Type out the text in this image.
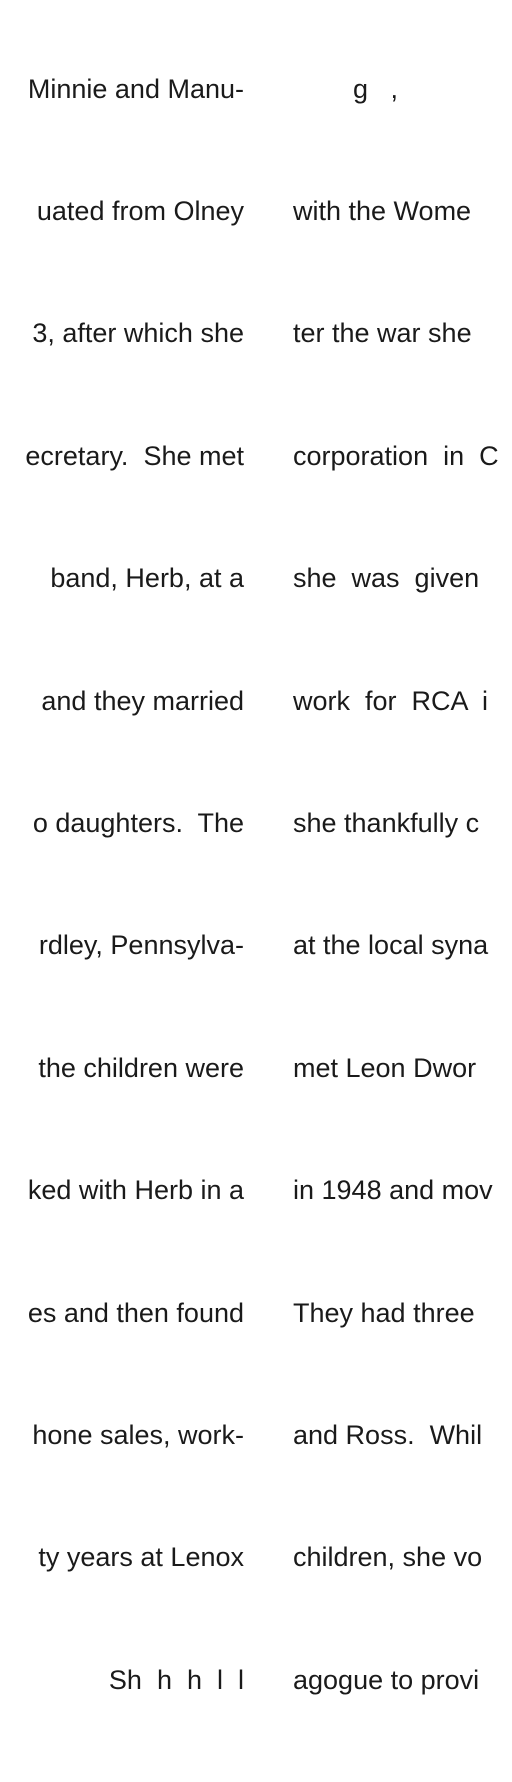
Minnie and Manu-

uated from Olney

3, after which she

ecretary.  She met

band, Herb, at a

and they married

o daughters.  The

rdley, Pennsylva-

the children were

ked with Herb in a

es and then found

hone sales, work-

ty years at Lenox

Sh  h  h  l  l

g   ,

with the Wome

ter the war she

corporation  in  C

she  was  given

work  for  RCA  i

she thankfully c

at the local syna

met Leon Dwor

in 1948 and mov

They had three

and Ross.  Whil

children, she vo

agogue to provi
